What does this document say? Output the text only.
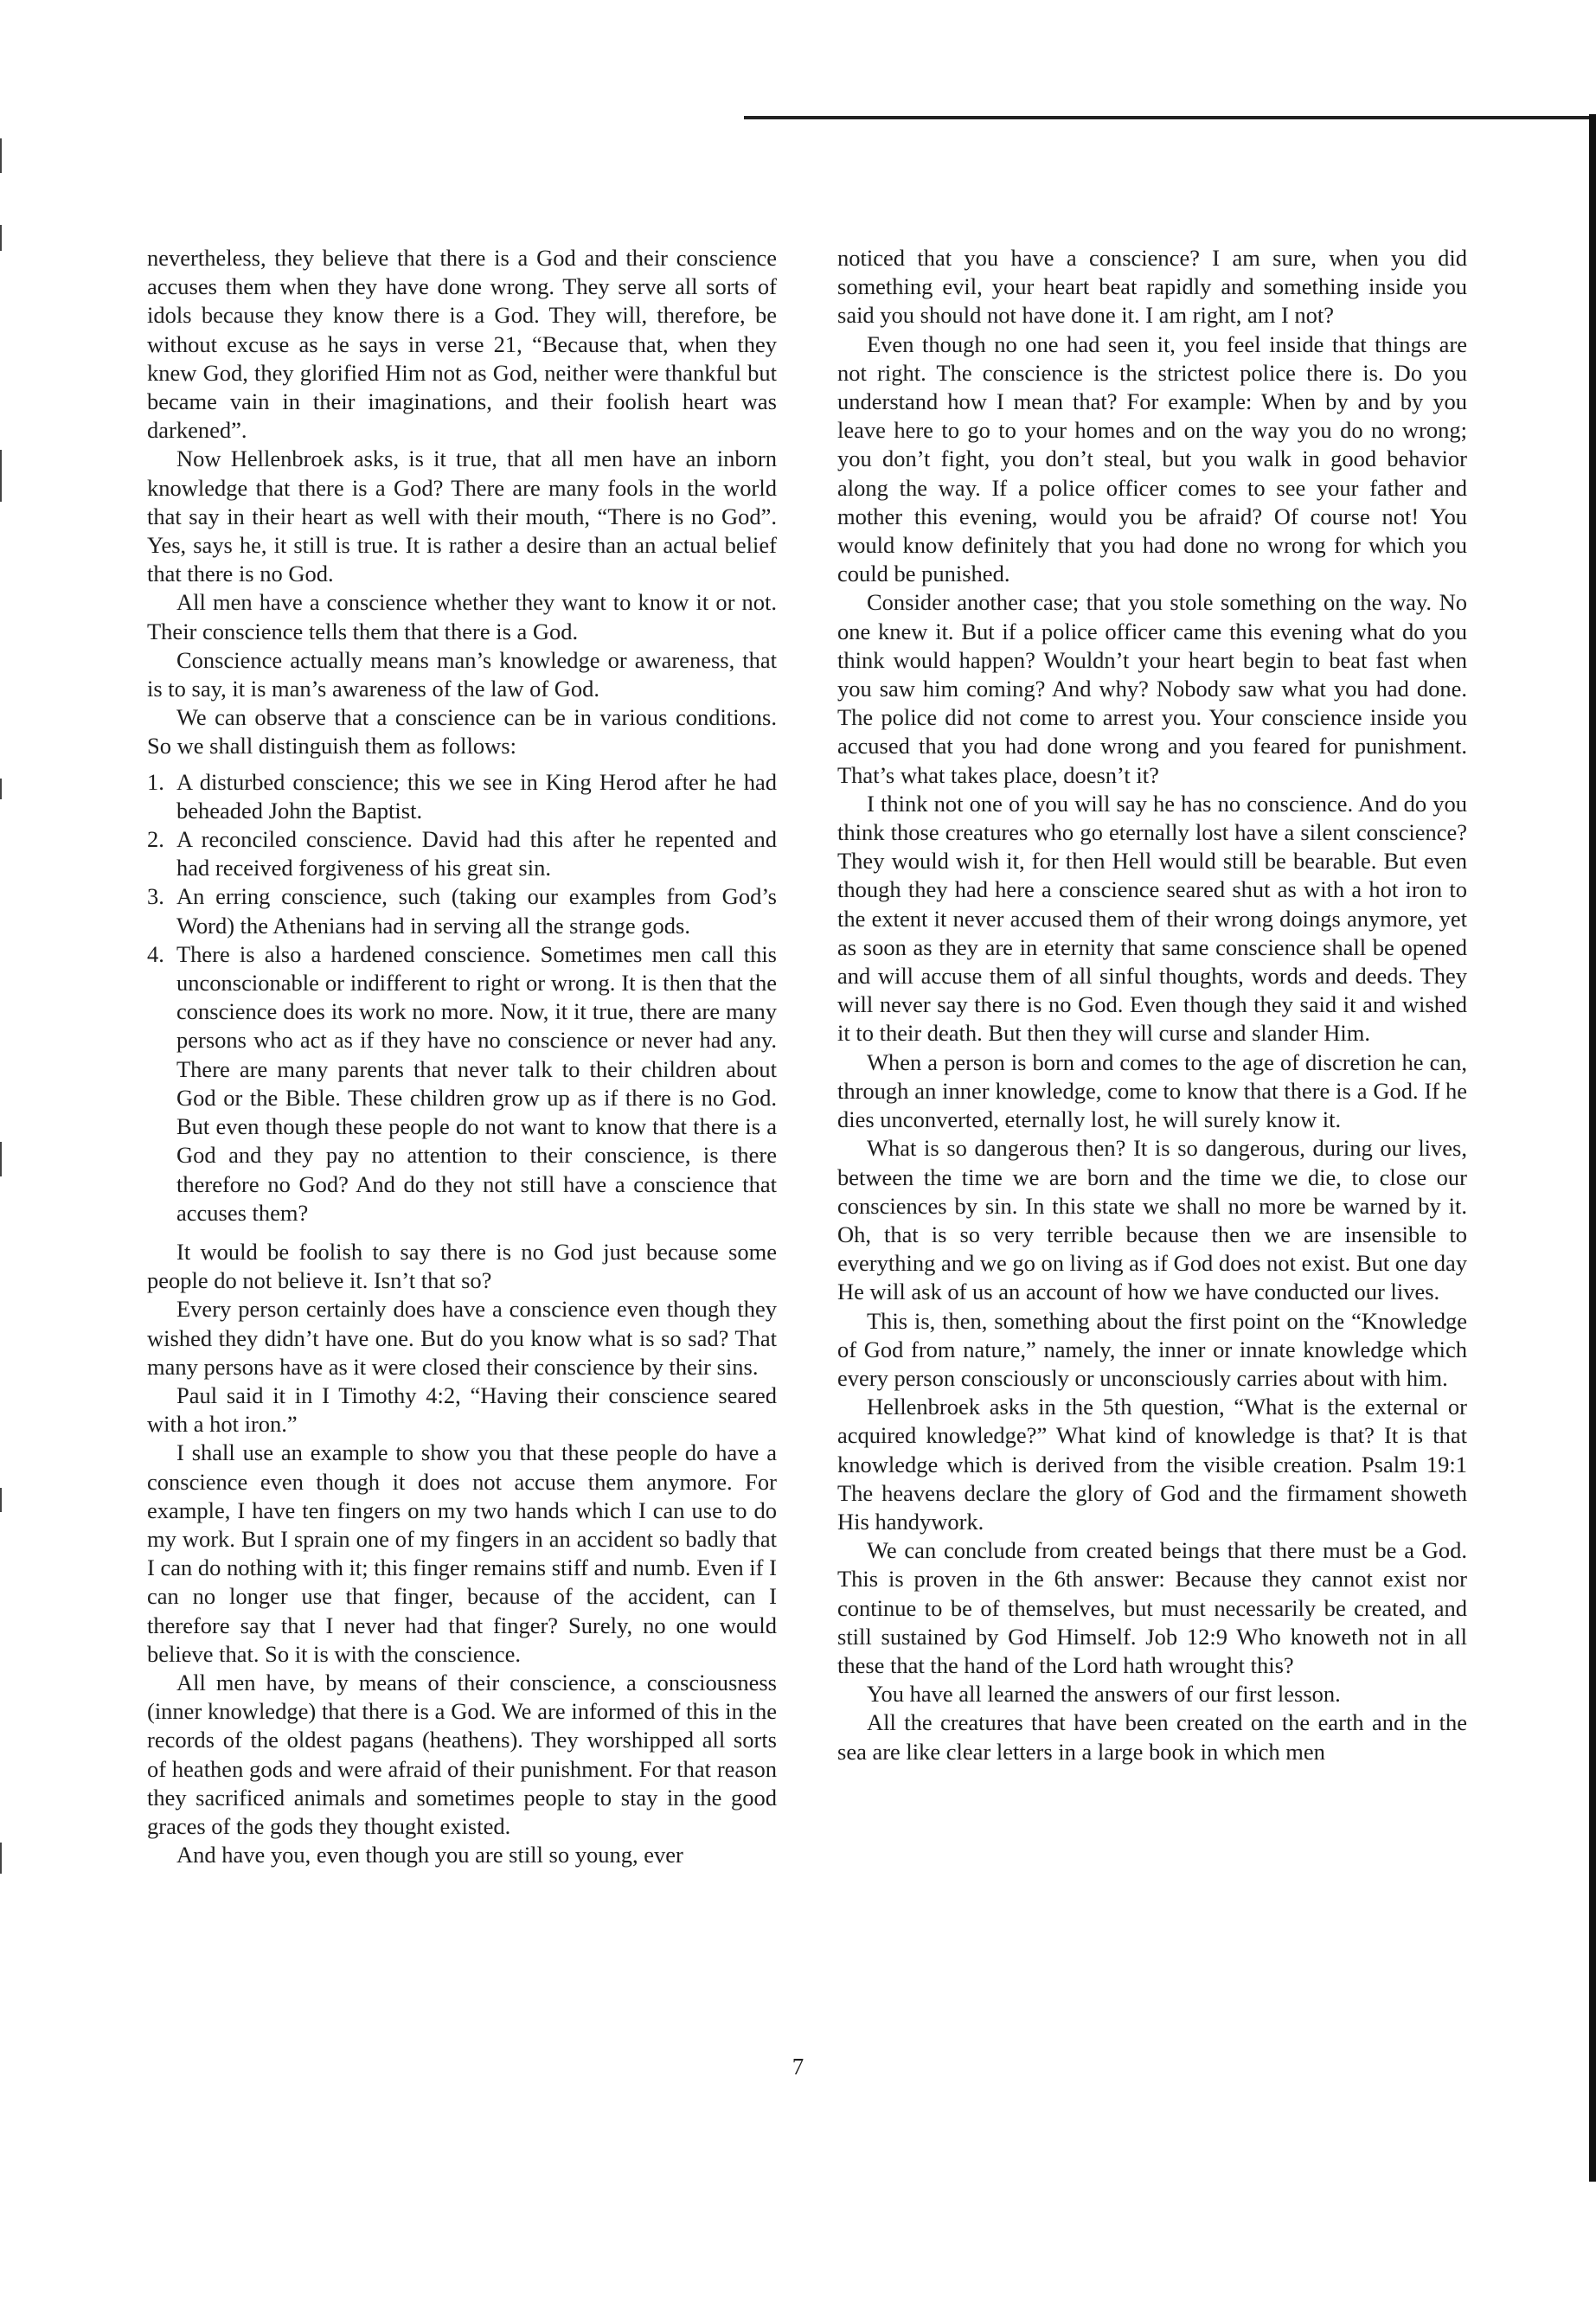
nevertheless, they believe that there is a God and their conscience accuses them when they have done wrong. They serve all sorts of idols because they know there is a God. They will, therefore, be without excuse as he says in verse 21, “Because that, when they knew God, they glorified Him not as God, neither were thankful but became vain in their imaginations, and their foolish heart was darkened”.

Now Hellenbroek asks, is it true, that all men have an inborn knowledge that there is a God? There are many fools in the world that say in their heart as well with their mouth, “There is no God”. Yes, says he, it still is true. It is rather a desire than an actual belief that there is no God.

All men have a conscience whether they want to know it or not. Their conscience tells them that there is a God.

Conscience actually means man’s knowledge or awareness, that is to say, it is man’s awareness of the law of God.

We can observe that a conscience can be in various conditions. So we shall distinguish them as follows:

1. A disturbed conscience; this we see in King Herod after he had beheaded John the Baptist.
2. A reconciled conscience. David had this after he repented and had received forgiveness of his great sin.
3. An erring conscience, such (taking our examples from God’s Word) the Athenians had in serving all the strange gods.
4. There is also a hardened conscience. Sometimes men call this unconscionable or indifferent to right or wrong. It is then that the conscience does its work no more. Now, it it true, there are many persons who act as if they have no conscience or never had any. There are many parents that never talk to their children about God or the Bible. These children grow up as if there is no God. But even though these people do not want to know that there is a God and they pay no attention to their conscience, is there therefore no God? And do they not still have a conscience that accuses them?

It would be foolish to say there is no God just because some people do not believe it. Isn’t that so?

Every person certainly does have a conscience even though they wished they didn’t have one. But do you know what is so sad? That many persons have as it were closed their conscience by their sins.

Paul said it in I Timothy 4:2, “Having their conscience seared with a hot iron.”

I shall use an example to show you that these people do have a conscience even though it does not accuse them anymore. For example, I have ten fingers on my two hands which I can use to do my work. But I sprain one of my fingers in an accident so badly that I can do nothing with it; this finger remains stiff and numb. Even if I can no longer use that finger, because of the accident, can I therefore say that I never had that finger? Surely, no one would believe that. So it is with the conscience.

All men have, by means of their conscience, a consciousness (inner knowledge) that there is a God. We are informed of this in the records of the oldest pagans (heathens). They worshipped all sorts of heathen gods and were afraid of their punishment. For that reason they sacrificed animals and sometimes people to stay in the good graces of the gods they thought existed.

And have you, even though you are still so young, ever

noticed that you have a conscience? I am sure, when you did something evil, your heart beat rapidly and something inside you said you should not have done it. I am right, am I not?

Even though no one had seen it, you feel inside that things are not right. The conscience is the strictest police there is. Do you understand how I mean that? For example: When by and by you leave here to go to your homes and on the way you do no wrong; you don’t fight, you don’t steal, but you walk in good behavior along the way. If a police officer comes to see your father and mother this evening, would you be afraid? Of course not! You would know definitely that you had done no wrong for which you could be punished.

Consider another case; that you stole something on the way. No one knew it. But if a police officer came this evening what do you think would happen? Wouldn’t your heart begin to beat fast when you saw him coming? And why? Nobody saw what you had done. The police did not come to arrest you. Your conscience inside you accused that you had done wrong and you feared for punishment. That’s what takes place, doesn’t it?

I think not one of you will say he has no conscience. And do you think those creatures who go eternally lost have a silent conscience? They would wish it, for then Hell would still be bearable. But even though they had here a conscience seared shut as with a hot iron to the extent it never accused them of their wrong doings anymore, yet as soon as they are in eternity that same conscience shall be opened and will accuse them of all sinful thoughts, words and deeds. They will never say there is no God. Even though they said it and wished it to their death. But then they will curse and slander Him.

When a person is born and comes to the age of discretion he can, through an inner knowledge, come to know that there is a God. If he dies unconverted, eternally lost, he will surely know it.

What is so dangerous then? It is so dangerous, during our lives, between the time we are born and the time we die, to close our consciences by sin. In this state we shall no more be warned by it. Oh, that is so very terrible because then we are insensible to everything and we go on living as if God does not exist. But one day He will ask of us an account of how we have conducted our lives.

This is, then, something about the first point on the “Knowledge of God from nature,” namely, the inner or innate knowledge which every person consciously or unconsciously carries about with him.

Hellenbroek asks in the 5th question, “What is the external or acquired knowledge?” What kind of knowledge is that? It is that knowledge which is derived from the visible creation. Psalm 19:1 The heavens declare the glory of God and the firmament showeth His handywork.

We can conclude from created beings that there must be a God. This is proven in the 6th answer: Because they cannot exist nor continue to be of themselves, but must necessarily be created, and still sustained by God Himself. Job 12:9 Who knoweth not in all these that the hand of the Lord hath wrought this?

You have all learned the answers of our first lesson.

All the creatures that have been created on the earth and in the sea are like clear letters in a large book in which men

7
